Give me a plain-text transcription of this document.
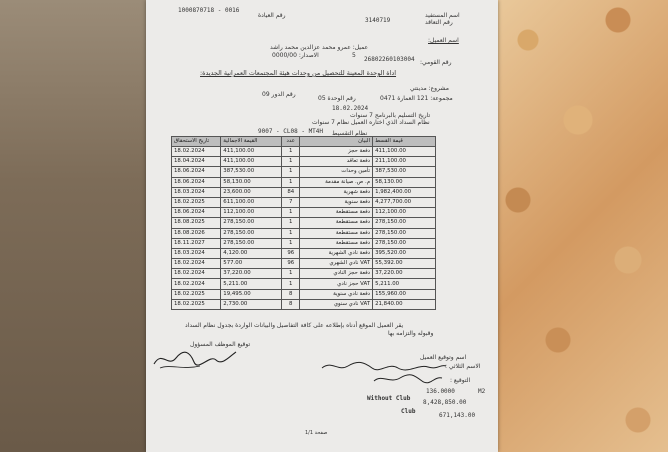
1000870718 - 0016
رقم العيادة	اسم المستفيد
3140719	رقم التعاقد
اسم العميل:
عميل: عمرو محمد عزالدين محمد راشد
الاصدار: 0000/00	5
رقم القومي:
26802260103004
اداة الوحدة المعينة للتحصيل من وحدات هيئة المجتمعات العمرانية الجديدة:
مشروع: مدينتي
مجموعة: 121 العمارة 0471
رقم الوحدة 05
رقم الدور 09
18.02.2024
تاريخ التسليم بالبرنامج 7 سنوات
نظام السداد الذي اختاره العميل نظام 7 سنوات
9007 - CL08 - MT4H نظام التقسيط
تاريخ الاستحقاق	القيمة الاجمالية	عدد	البيان	قيمة القسط
18.02.2024	411,100.00	1	دفعة حجز	411,100.00
18.04.2024	411,100.00	1	دفعة تعاقد	211,100.00
18.06.2024	387,530.00	1	تأمين وحدات	387,530.00
18.06.2024	58,130.00	1	م. ص. صيانة مقدمة	58,130.00
18.03.2024	23,600.00	84	دفعة شهرية	1,982,400.00
18.02.2025	611,100.00	7	دفعة سنوية	4,277,700.00
18.06.2024	112,100.00	1	دفعة مستقطعة	112,100.00
18.08.2025	278,150.00	1	دفعة مستقطعة	278,150.00
18.08.2026	278,150.00	1	دفعة مستقطعة	278,150.00
18.11.2027	278,150.00	1	دفعة مستقطعة	278,150.00
18.03.2024	4,120.00	96	دفعة نادي الشهرية	395,520.00
18.02.2024	577.00	96	VAT نادي الشهري	55,392.00
18.02.2024	37,220.00	1	دفعة حجز النادي	37,220.00
18.02.2024	5,211.00	1	VAT حجز نادي	5,211.00
18.02.2025	19,495.00	8	دفعة نادي سنوية	155,960.00
18.02.2025	2,730.00	8	VAT نادي سنوي	21,840.00
يقر العميل الموقع أدناه بإطلاعه على كافة التفاصيل والبيانات الواردة بجدول نظام السداد
وقبوله والتزامه بها
توقيع الموظف المسؤول
اسم وتوقيع العميل
الاسم الثلاثي :
التوقيع :
136.0000	M2
Without Club
8,428,850.00
Club
671,143.00
صفحة 1/1
